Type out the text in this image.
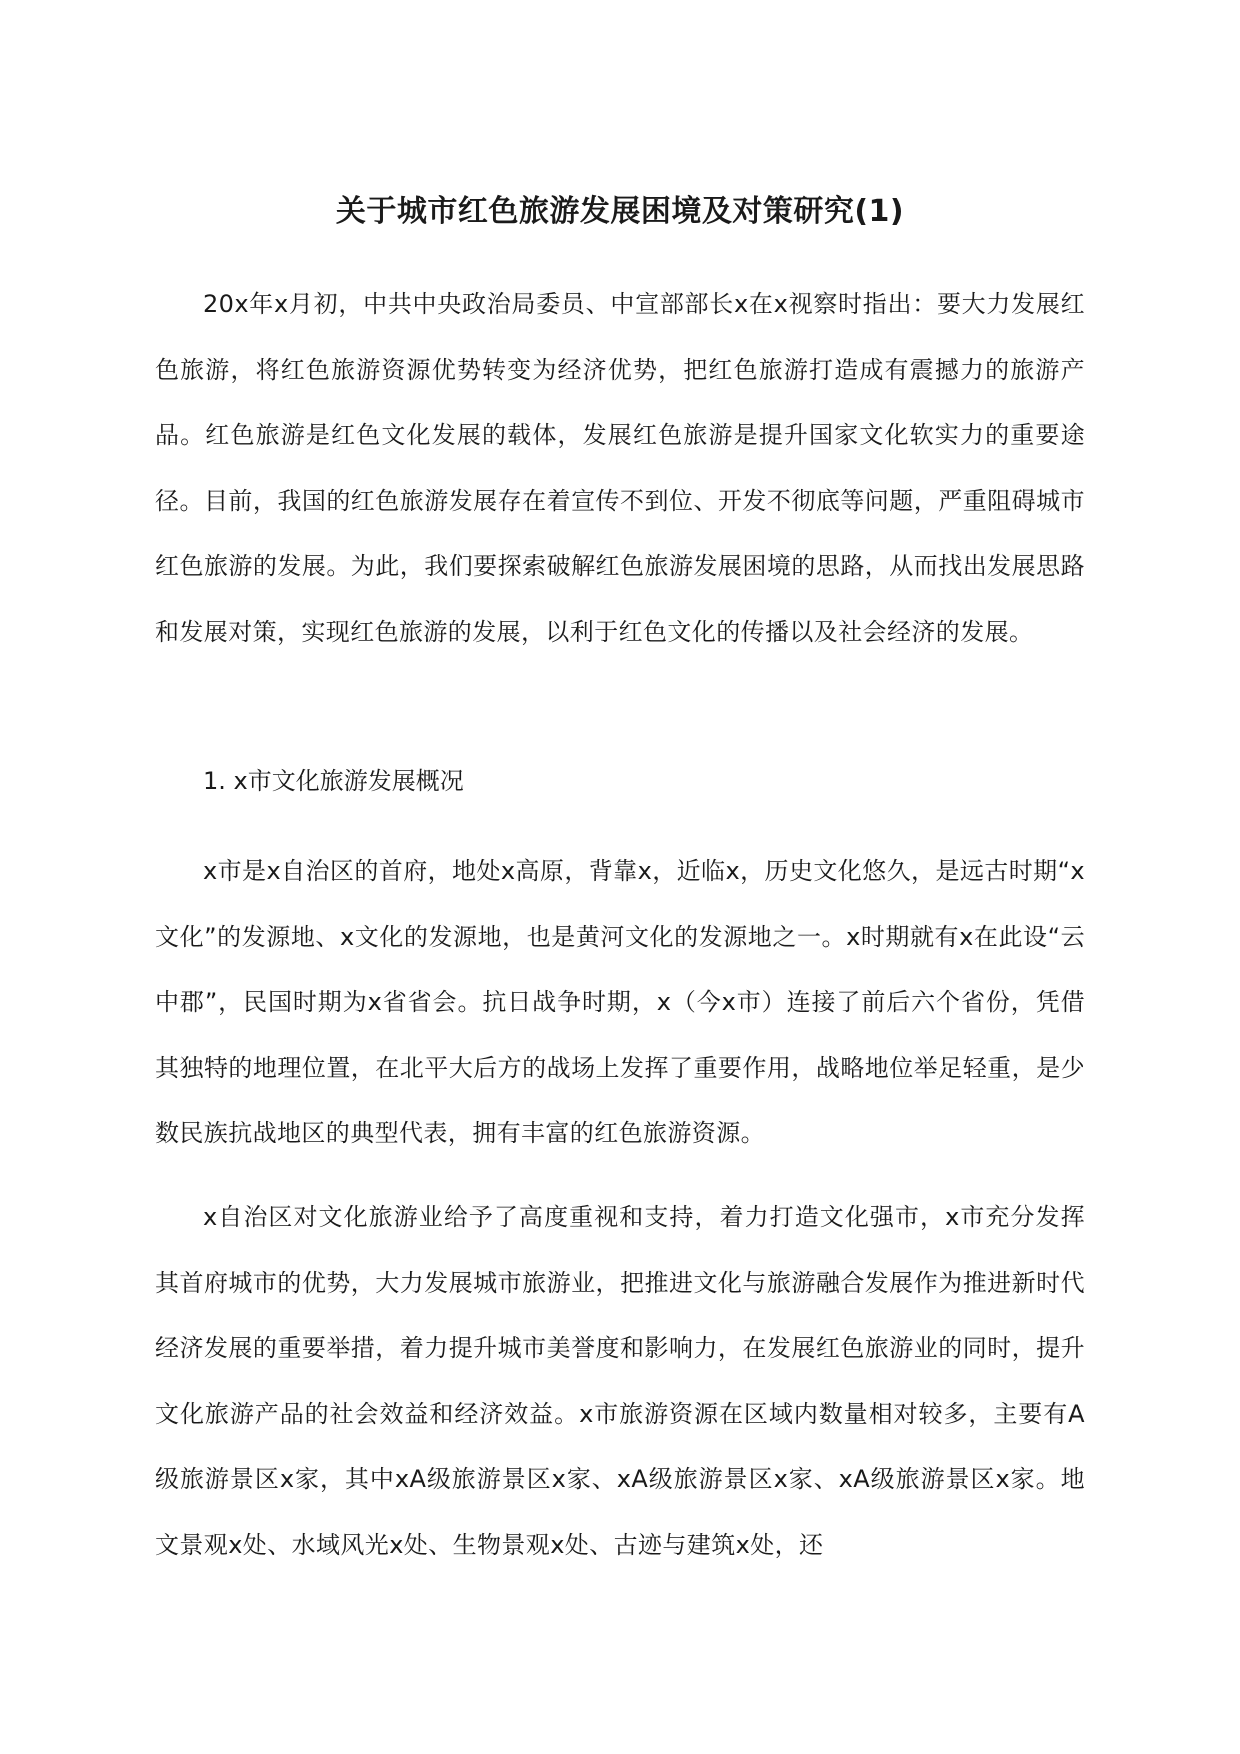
关于城市红色旅游发展困境及对策研究(1)
20x年x月初，中共中央政治局委员、中宣部部长x在x视察时指出：要大力发展红色旅游，将红色旅游资源优势转变为经济优势，把红色旅游打造成有震撼力的旅游产品。红色旅游是红色文化发展的载体，发展红色旅游是提升国家文化软实力的重要途径。目前，我国的红色旅游发展存在着宣传不到位、开发不彻底等问题，严重阻碍城市红色旅游的发展。为此，我们要探索破解红色旅游发展困境的思路，从而找出发展思路和发展对策，实现红色旅游的发展，以利于红色文化的传播以及社会经济的发展。
1. x市文化旅游发展概况
x市是x自治区的首府，地处x高原，背靠x，近临x，历史文化悠久，是远古时期“x文化”的发源地、x文化的发源地，也是黄河文化的发源地之一。x时期就有x在此设“云中郡”，民国时期为x省省会。抗日战争时期，x（今x市）连接了前后六个省份，凭借其独特的地理位置，在北平大后方的战场上发挥了重要作用，战略地位举足轻重，是少数民族抗战地区的典型代表，拥有丰富的红色旅游资源。
x自治区对文化旅游业给予了高度重视和支持，着力打造文化强市，x市充分发挥其首府城市的优势，大力发展城市旅游业，把推进文化与旅游融合发展作为推进新时代经济发展的重要举措，着力提升城市美誉度和影响力，在发展红色旅游业的同时，提升文化旅游产品的社会效益和经济效益。x市旅游资源在区域内数量相对较多，主要有A级旅游景区x家，其中xA级旅游景区x家、xA级旅游景区x家、xA级旅游景区x家。地文景观x处、水域风光x处、生物景观x处、古迹与建筑x处，还
